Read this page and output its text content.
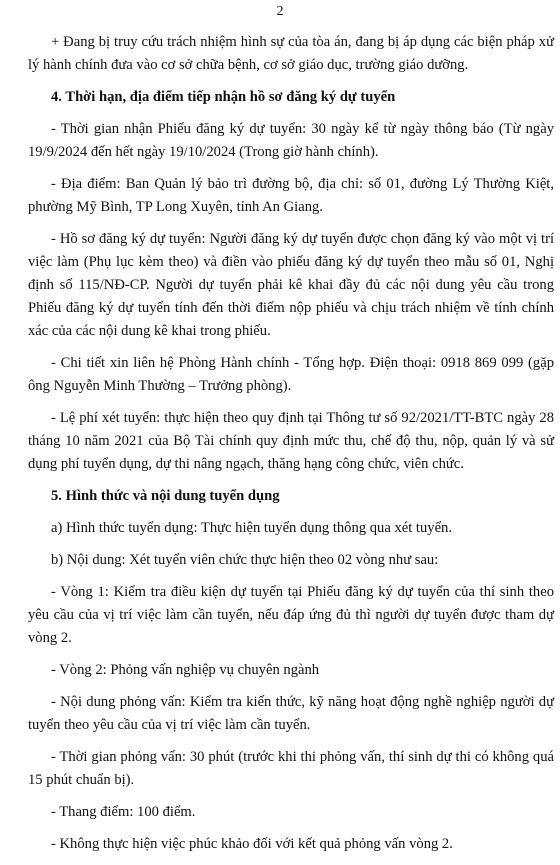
2

+ Đang bị truy cứu trách nhiệm hình sự của tòa án, đang bị áp dụng các biện pháp xử lý hành chính đưa vào cơ sở chữa bệnh, cơ sở giáo dục, trường giáo dưỡng.

4. Thời hạn, địa điểm tiếp nhận hồ sơ đăng ký dự tuyển

- Thời gian nhận Phiếu đăng ký dự tuyển: 30 ngày kể từ ngày thông báo (Từ ngày 19/9/2024 đến hết ngày 19/10/2024 (Trong giờ hành chính).

- Địa điểm: Ban Quản lý bảo trì đường bộ, địa chỉ: số 01, đường Lý Thường Kiệt, phường Mỹ Bình, TP Long Xuyên, tỉnh An Giang.

- Hồ sơ đăng ký dự tuyển: Người đăng ký dự tuyển được chọn đăng ký vào một vị trí việc làm (Phụ lục kèm theo) và điền vào phiếu đăng ký dự tuyển theo mẫu số 01, Nghị định số 115/NĐ-CP. Người dự tuyển phải kê khai đầy đủ các nội dung yêu cầu trong Phiếu đăng ký dự tuyển tính đến thời điểm nộp phiếu và chịu trách nhiệm về tính chính xác của các nội dung kê khai trong phiếu.

- Chi tiết xin liên hệ Phòng Hành chính - Tổng hợp. Điện thoại: 0918 869 099 (gặp ông Nguyễn Minh Thường – Trưởng phòng).

- Lệ phí xét tuyển: thực hiện theo quy định tại Thông tư số 92/2021/TT-BTC ngày 28 tháng 10 năm 2021 của Bộ Tài chính quy định mức thu, chế độ thu, nộp, quản lý và sử dụng phí tuyển dụng, dự thi nâng ngạch, thăng hạng công chức, viên chức.

5. Hình thức và nội dung tuyển dụng

a) Hình thức tuyển dụng: Thực hiện tuyển dụng thông qua xét tuyển.

b) Nội dung: Xét tuyển viên chức thực hiện theo 02 vòng như sau:

- Vòng 1: Kiểm tra điều kiện dự tuyển tại Phiếu đăng ký dự tuyển của thí sinh theo yêu cầu của vị trí việc làm cần tuyển, nếu đáp ứng đủ thì người dự tuyển được tham dự vòng 2.

- Vòng 2: Phỏng vấn nghiệp vụ chuyên ngành

- Nội dung phỏng vấn: Kiểm tra kiến thức, kỹ năng hoạt động nghề nghiệp người dự tuyển theo yêu cầu của vị trí việc làm cần tuyển.

- Thời gian phỏng vấn: 30 phút (trước khi thi phỏng vấn, thí sinh dự thi có không quá 15 phút chuẩn bị).

- Thang điểm: 100 điểm.

- Không thực hiện việc phúc khảo đối với kết quả phỏng vấn vòng 2.
